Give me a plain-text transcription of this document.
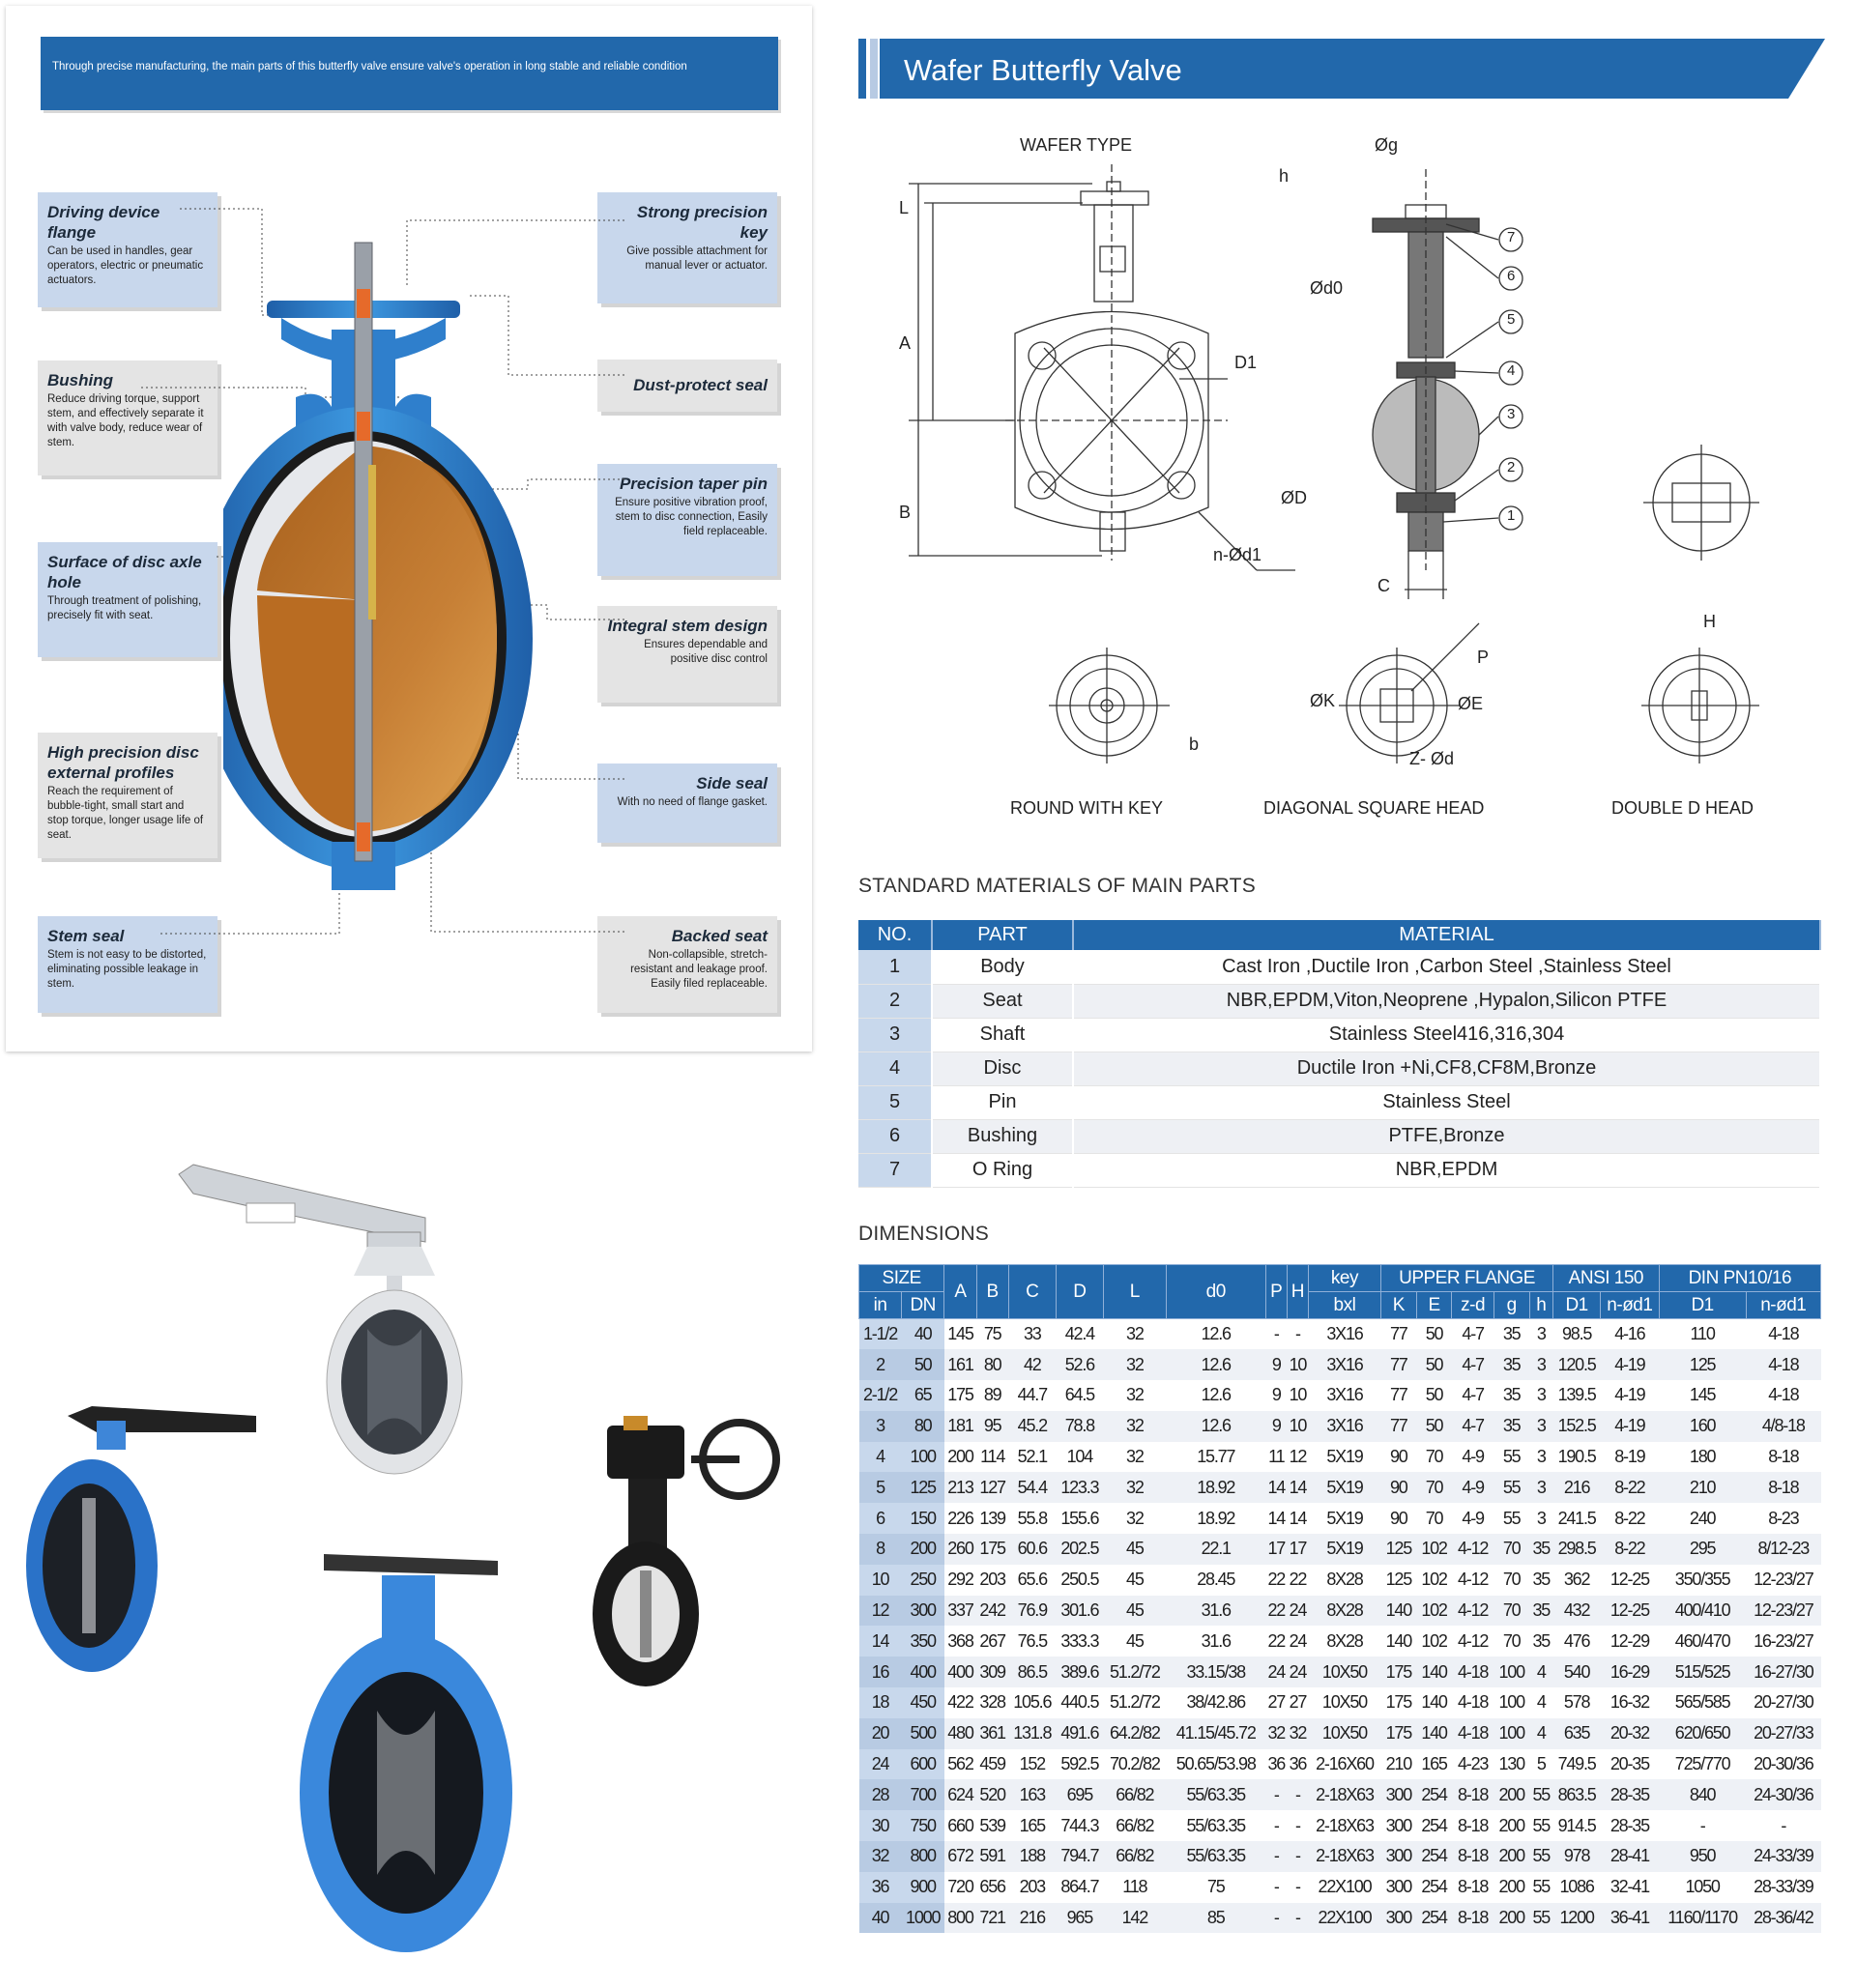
Through precise manufacturing, the main parts of this butterfly valve ensure valve's operation in long stable and reliable condition
Driving device flange
Can be used in handles, gear operators, electric or pneumatic actuators.
Bushing
Reduce driving torque, support stem, and effectively separate it with valve body, reduce wear of stem.
Surface of disc axle hole
Through treatment of polishing, precisely fit with seat.
High precision disc external profiles
Reach the requirement of bubble-tight, small start and stop torque, longer usage life of seat.
Stem seal
Stem is not easy to be distorted, eliminating possible leakage in stem.
Strong precision key
Give possible attachment for manual lever or actuator.
Dust-protect seal
Precision taper pin
Ensure positive vibration proof, stem to disc connection, Easily field replaceable.
Integral stem design
Ensures dependable and positive disc control
Side seal
With no need of flange gasket.
Backed seat
Non-collapsible, stretch-resistant and leakage proof. Easily filed replaceable.
Wafer Butterfly Valve
WAFER TYPE
L
A
B
D1
n-Ød1
Øg
h
Ød0
ØD
C
P
ØK	ØE
Z- Ød
b
H
7
6
5
4
3
2
1
ROUND WITH KEY	DIAGONAL SQUARE HEAD	DOUBLE D HEAD
STANDARD MATERIALS OF MAIN PARTS
NO.	PART	MATERIAL
1	Body	Cast Iron ,Ductile Iron ,Carbon Steel ,Stainless Steel
2	Seat	NBR,EPDM,Viton,Neoprene ,Hypalon,Silicon PTFE
3	Shaft	Stainless Steel416,316,304
4	Disc	Ductile Iron +Ni,CF8,CF8M,Bronze
5	Pin	Stainless Steel
6	Bushing	PTFE,Bronze
7	O Ring	NBR,EPDM
DIMENSIONS
SIZE		A	B	C	D	L	d0	P	H	key	UPPER FLANGE					ANSI 150		DIN PN10/16	
in	DN									bxl	K	E	z-d	g	h	D1	n-ød1	D1	n-ød1
1-1/2	40	145	75	33	42.4	32	12.6	-	-	3X16	77	50	4-7	35	3	98.5	4-16	110	4-18
2	50	161	80	42	52.6	32	12.6	9	10	3X16	77	50	4-7	35	3	120.5	4-19	125	4-18
2-1/2	65	175	89	44.7	64.5	32	12.6	9	10	3X16	77	50	4-7	35	3	139.5	4-19	145	4-18
3	80	181	95	45.2	78.8	32	12.6	9	10	3X16	77	50	4-7	35	3	152.5	4-19	160	4/8-18
4	100	200	114	52.1	104	32	15.77	11	12	5X19	90	70	4-9	55	3	190.5	8-19	180	8-18
5	125	213	127	54.4	123.3	32	18.92	14	14	5X19	90	70	4-9	55	3	216	8-22	210	8-18
6	150	226	139	55.8	155.6	32	18.92	14	14	5X19	90	70	4-9	55	3	241.5	8-22	240	8-23
8	200	260	175	60.6	202.5	45	22.1	17	17	5X19	125	102	4-12	70	35	298.5	8-22	295	8/12-23
10	250	292	203	65.6	250.5	45	28.45	22	22	8X28	125	102	4-12	70	35	362	12-25	350/355	12-23/27
12	300	337	242	76.9	301.6	45	31.6	22	24	8X28	140	102	4-12	70	35	432	12-25	400/410	12-23/27
14	350	368	267	76.5	333.3	45	31.6	22	24	8X28	140	102	4-12	70	35	476	12-29	460/470	16-23/27
16	400	400	309	86.5	389.6	51.2/72	33.15/38	24	24	10X50	175	140	4-18	100	4	540	16-29	515/525	16-27/30
18	450	422	328	105.6	440.5	51.2/72	38/42.86	27	27	10X50	175	140	4-18	100	4	578	16-32	565/585	20-27/30
20	500	480	361	131.8	491.6	64.2/82	41.15/45.72	32	32	10X50	175	140	4-18	100	4	635	20-32	620/650	20-27/33
24	600	562	459	152	592.5	70.2/82	50.65/53.98	36	36	2-16X60	210	165	4-23	130	5	749.5	20-35	725/770	20-30/36
28	700	624	520	163	695	66/82	55/63.35	-	-	2-18X63	300	254	8-18	200	55	863.5	28-35	840	24-30/36
30	750	660	539	165	744.3	66/82	55/63.35	-	-	2-18X63	300	254	8-18	200	55	914.5	28-35	-	-
32	800	672	591	188	794.7	66/82	55/63.35	-	-	2-18X63	300	254	8-18	200	55	978	28-41	950	24-33/39
36	900	720	656	203	864.7	118	75	-	-	22X100	300	254	8-18	200	55	1086	32-41	1050	28-33/39
40	1000	800	721	216	965	142	85	-	-	22X100	300	254	8-18	200	55	1200	36-41	1160/1170	28-36/42
